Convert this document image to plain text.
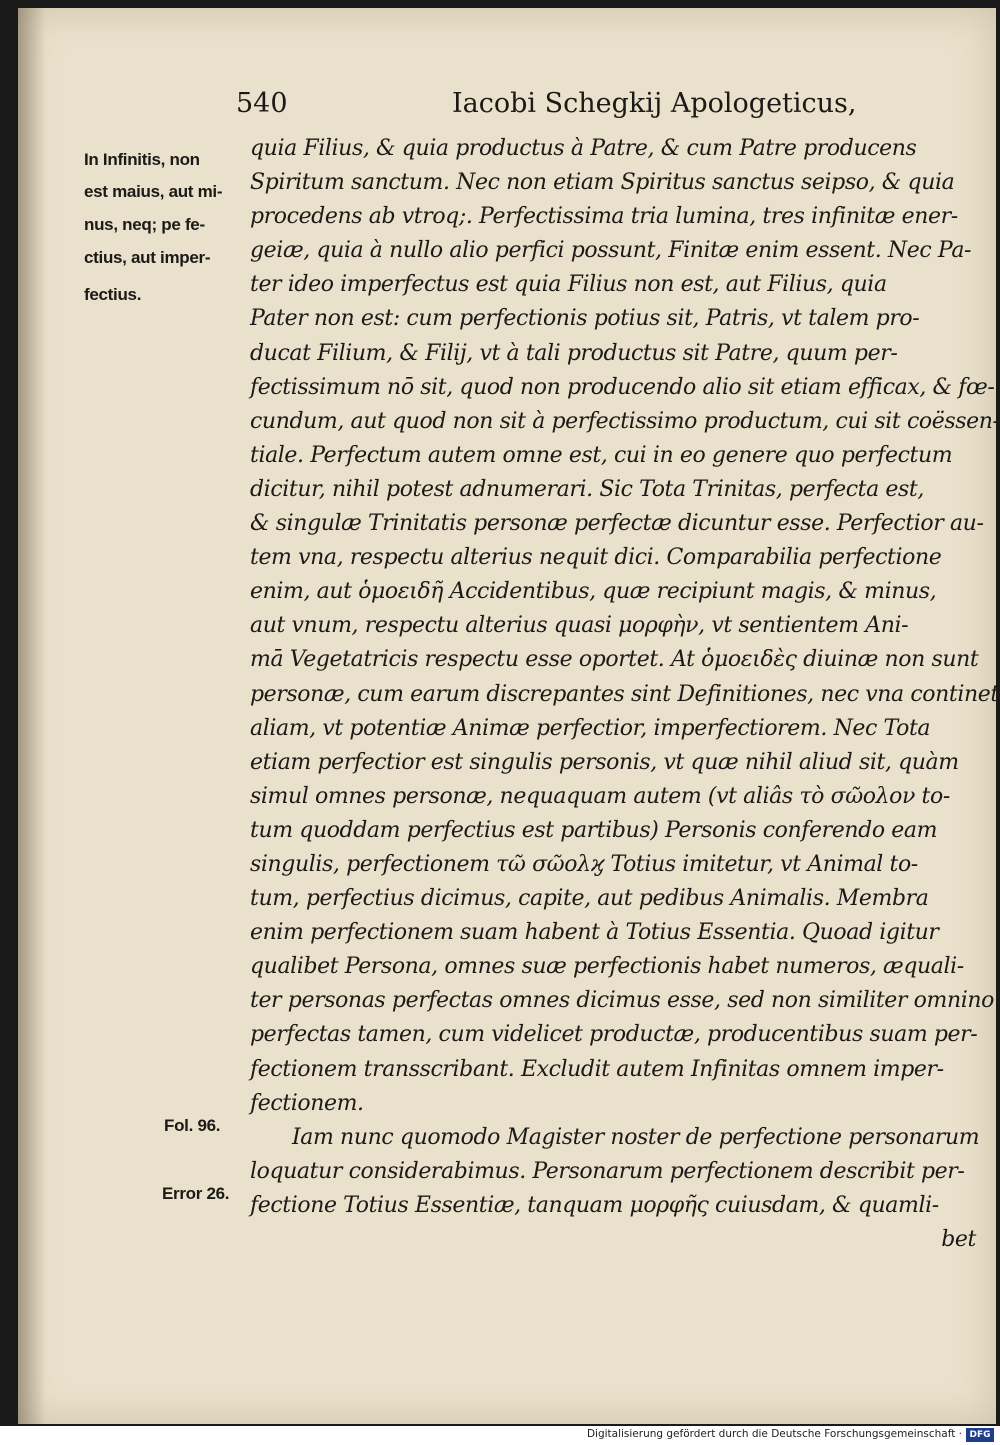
540	Iacobi Schegkij Apologeticus,
In Infinitis, non
est maius, aut mi-
nus, neq; pe fe-
ctius, aut imper-
fectius.
Fol. 96.
Error 26.
quia Filius, & quia productus à Patre, & cum Patre producens
Spiritum sanctum. Nec non etiam Spiritus sanctus seipso, & quia
procedens ab vtroq;. Perfectissima tria lumina, tres infinitæ ener-
geiæ, quia à nullo alio perfici possunt, Finitæ enim essent. Nec Pa-
ter ideo imperfectus est quia Filius non est, aut Filius, quia
Pater non est: cum perfectionis potius sit, Patris, vt talem pro-
ducat Filium, & Filij, vt à tali productus sit Patre, quum per-
fectissimum nō sit, quod non producendo alio sit etiam efficax, & fœ-
cundum, aut quod non sit à perfectissimo productum, cui sit coëssen-
tiale. Perfectum autem omne est, cui in eo genere quo perfectum
dicitur, nihil potest adnumerari. Sic Tota Trinitas, perfecta est,
& singulæ Trinitatis personæ perfectæ dicuntur esse. Perfectior au-
tem vna, respectu alterius nequit dici. Comparabilia perfectione
enim, aut ὁμοειδῆ Accidentibus, quæ recipiunt magis, & minus,
aut vnum, respectu alterius quasi μορφὴν, vt sentientem Ani-
mā Vegetatricis respectu esse oportet. At ὁμοειδὲς diuinæ non sunt
personæ, cum earum discrepantes sint Definitiones, nec vna continet
aliam, vt potentiæ Animæ perfectior, imperfectiorem. Nec Tota
etiam perfectior est singulis personis, vt quæ nihil aliud sit, quàm
simul omnes personæ, nequaquam autem (vt aliâs τὸ σῶολον to-
tum quoddam perfectius est partibus) Personis conferendo eam
singulis, perfectionem τῶ σῶολϗ Totius imitetur, vt Animal to-
tum, perfectius dicimus, capite, aut pedibus Animalis. Membra
enim perfectionem suam habent à Totius Essentia. Quoad igitur
qualibet Persona, omnes suæ perfectionis habet numeros, æquali-
ter personas perfectas omnes dicimus esse, sed non similiter omnino
perfectas tamen, cum videlicet productæ, producentibus suam per-
fectionem transscribant. Excludit autem Infinitas omnem imper-
fectionem.
Iam nunc quomodo Magister noster de perfectione personarum
loquatur considerabimus. Personarum perfectionem describit per-
fectione Totius Essentiæ, tanquam μορφῆς cuiusdam, & quamli-
bet
Digitalisierung gefördert durch die Deutsche Forschungsgemeinschaft · DFG
